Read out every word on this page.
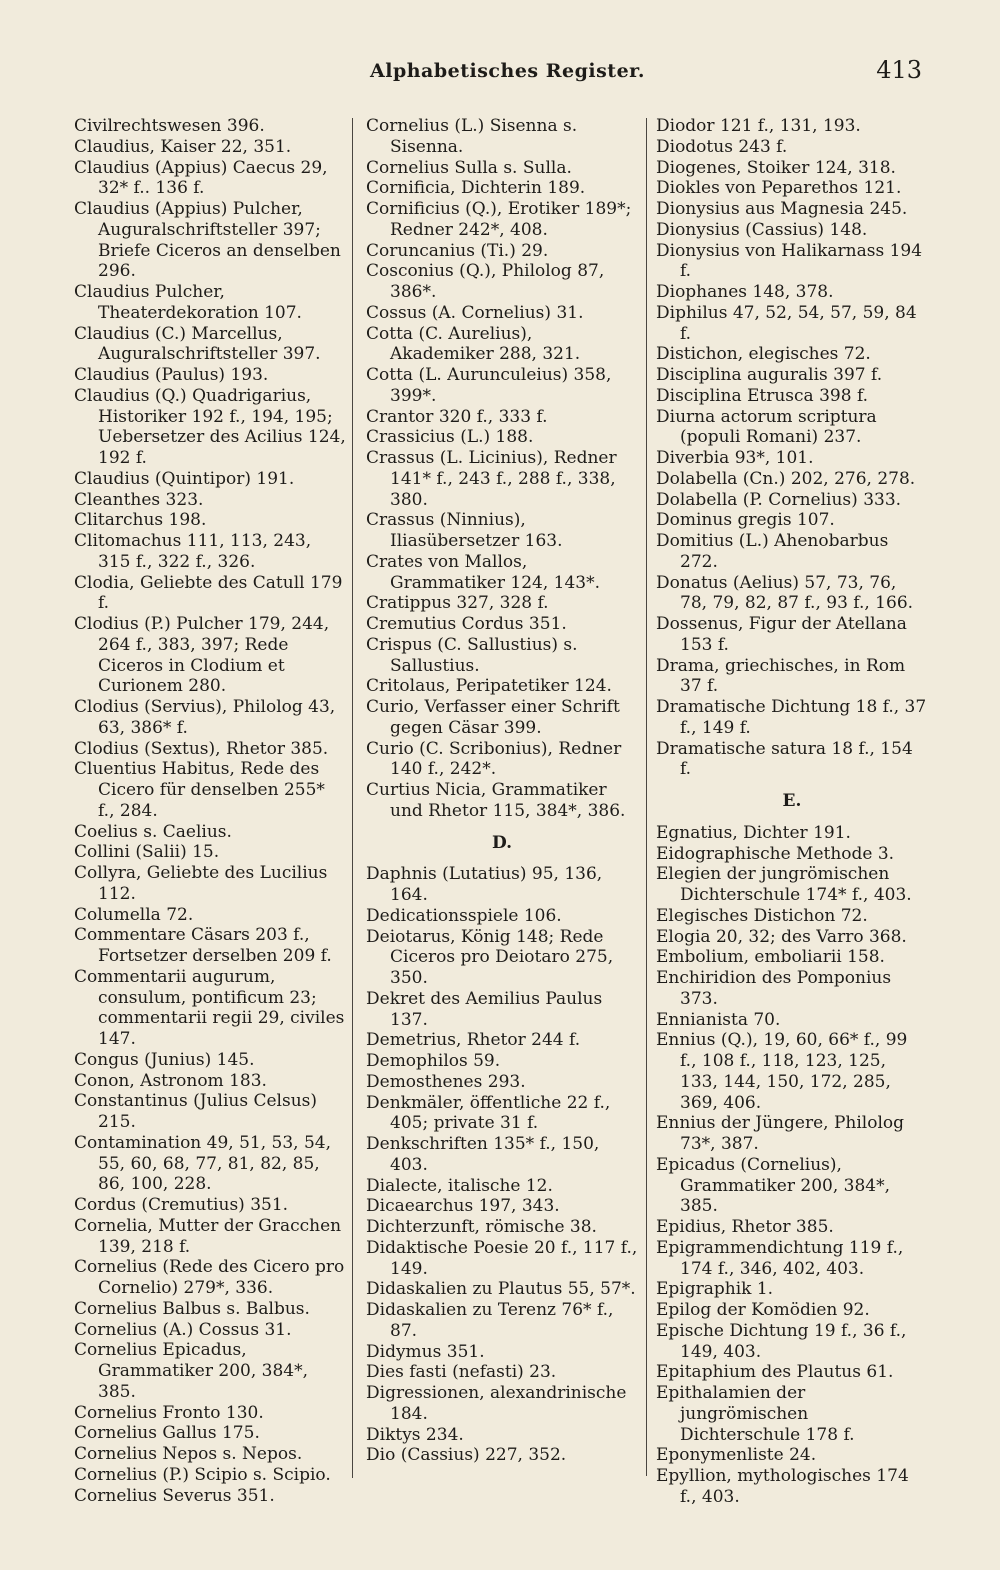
Alphabetisches Register.	413
Civilrechtswesen 396.
Claudius, Kaiser 22, 351.
Claudius (Appius) Caecus 29, 32* f.. 136 f.
Claudius (Appius) Pulcher, Auguralschriftsteller 397; Briefe Ciceros an denselben 296.
Claudius Pulcher, Theaterdekoration 107.
Claudius (C.) Marcellus, Auguralschriftsteller 397.
Claudius (Paulus) 193.
Claudius (Q.) Quadrigarius, Historiker 192 f., 194, 195; Uebersetzer des Acilius 124, 192 f.
Claudius (Quintipor) 191.
Cleanthes 323.
Clitarchus 198.
Clitomachus 111, 113, 243, 315 f., 322 f., 326.
Clodia, Geliebte des Catull 179 f.
Clodius (P.) Pulcher 179, 244, 264 f., 383, 397; Rede Ciceros in Clodium et Curionem 280.
Clodius (Servius), Philolog 43, 63, 386* f.
Clodius (Sextus), Rhetor 385.
Cluentius Habitus, Rede des Cicero für denselben 255* f., 284.
Coelius s. Caelius.
Collini (Salii) 15.
Collyra, Geliebte des Lucilius 112.
Columella 72.
Commentare Cäsars 203 f., Fortsetzer derselben 209 f.
Commentarii augurum, consulum, pontificum 23; commentarii regii 29, civiles 147.
Congus (Junius) 145.
Conon, Astronom 183.
Constantinus (Julius Celsus) 215.
Contamination 49, 51, 53, 54, 55, 60, 68, 77, 81, 82, 85, 86, 100, 228.
Cordus (Cremutius) 351.
Cornelia, Mutter der Gracchen 139, 218 f.
Cornelius (Rede des Cicero pro Cornelio) 279*, 336.
Cornelius Balbus s. Balbus.
Cornelius (A.) Cossus 31.
Cornelius Epicadus, Grammatiker 200, 384*, 385.
Cornelius Fronto 130.
Cornelius Gallus 175.
Cornelius Nepos s. Nepos.
Cornelius (P.) Scipio s. Scipio.
Cornelius Severus 351.
Cornelius (L.) Sisenna s. Sisenna.
Cornelius Sulla s. Sulla.
Cornificia, Dichterin 189.
Cornificius (Q.), Erotiker 189*; Redner 242*, 408.
Coruncanius (Ti.) 29.
Cosconius (Q.), Philolog 87, 386*.
Cossus (A. Cornelius) 31.
Cotta (C. Aurelius), Akademiker 288, 321.
Cotta (L. Aurunculeius) 358, 399*.
Crantor 320 f., 333 f.
Crassicius (L.) 188.
Crassus (L. Licinius), Redner 141* f., 243 f., 288 f., 338, 380.
Crassus (Ninnius), Iliasübersetzer 163.
Crates von Mallos, Grammatiker 124, 143*.
Cratippus 327, 328 f.
Cremutius Cordus 351.
Crispus (C. Sallustius) s. Sallustius.
Critolaus, Peripatetiker 124.
Curio, Verfasser einer Schrift gegen Cäsar 399.
Curio (C. Scribonius), Redner 140 f., 242*.
Curtius Nicia, Grammatiker und Rhetor 115, 384*, 386.
D.
Daphnis (Lutatius) 95, 136, 164.
Dedicationsspiele 106.
Deiotarus, König 148; Rede Ciceros pro Deiotaro 275, 350.
Dekret des Aemilius Paulus 137.
Demetrius, Rhetor 244 f.
Demophilos 59.
Demosthenes 293.
Denkmäler, öffentliche 22 f., 405; private 31 f.
Denkschriften 135* f., 150, 403.
Dialecte, italische 12.
Dicaearchus 197, 343.
Dichterzunft, römische 38.
Didaktische Poesie 20 f., 117 f., 149.
Didaskalien zu Plautus 55, 57*.
Didaskalien zu Terenz 76* f., 87.
Didymus 351.
Dies fasti (nefasti) 23.
Digressionen, alexandrinische 184.
Diktys 234.
Dio (Cassius) 227, 352.
Diodor 121 f., 131, 193.
Diodotus 243 f.
Diogenes, Stoiker 124, 318.
Diokles von Peparethos 121.
Dionysius aus Magnesia 245.
Dionysius (Cassius) 148.
Dionysius von Halikarnass 194 f.
Diophanes 148, 378.
Diphilus 47, 52, 54, 57, 59, 84 f.
Distichon, elegisches 72.
Disciplina auguralis 397 f.
Disciplina Etrusca 398 f.
Diurna actorum scriptura (populi Romani) 237.
Diverbia 93*, 101.
Dolabella (Cn.) 202, 276, 278.
Dolabella (P. Cornelius) 333.
Dominus gregis 107.
Domitius (L.) Ahenobarbus 272.
Donatus (Aelius) 57, 73, 76, 78, 79, 82, 87 f., 93 f., 166.
Dossenus, Figur der Atellana 153 f.
Drama, griechisches, in Rom 37 f.
Dramatische Dichtung 18 f., 37 f., 149 f.
Dramatische satura 18 f., 154 f.
E.
Egnatius, Dichter 191.
Eidographische Methode 3.
Elegien der jungrömischen Dichterschule 174* f., 403.
Elegisches Distichon 72.
Elogia 20, 32; des Varro 368.
Embolium, emboliarii 158.
Enchiridion des Pomponius 373.
Ennianista 70.
Ennius (Q.), 19, 60, 66* f., 99 f., 108 f., 118, 123, 125, 133, 144, 150, 172, 285, 369, 406.
Ennius der Jüngere, Philolog 73*, 387.
Epicadus (Cornelius), Grammatiker 200, 384*, 385.
Epidius, Rhetor 385.
Epigrammendichtung 119 f., 174 f., 346, 402, 403.
Epigraphik 1.
Epilog der Komödien 92.
Epische Dichtung 19 f., 36 f., 149, 403.
Epitaphium des Plautus 61.
Epithalamien der jungrömischen Dichterschule 178 f.
Eponymenliste 24.
Epyllion, mythologisches 174 f., 403.
